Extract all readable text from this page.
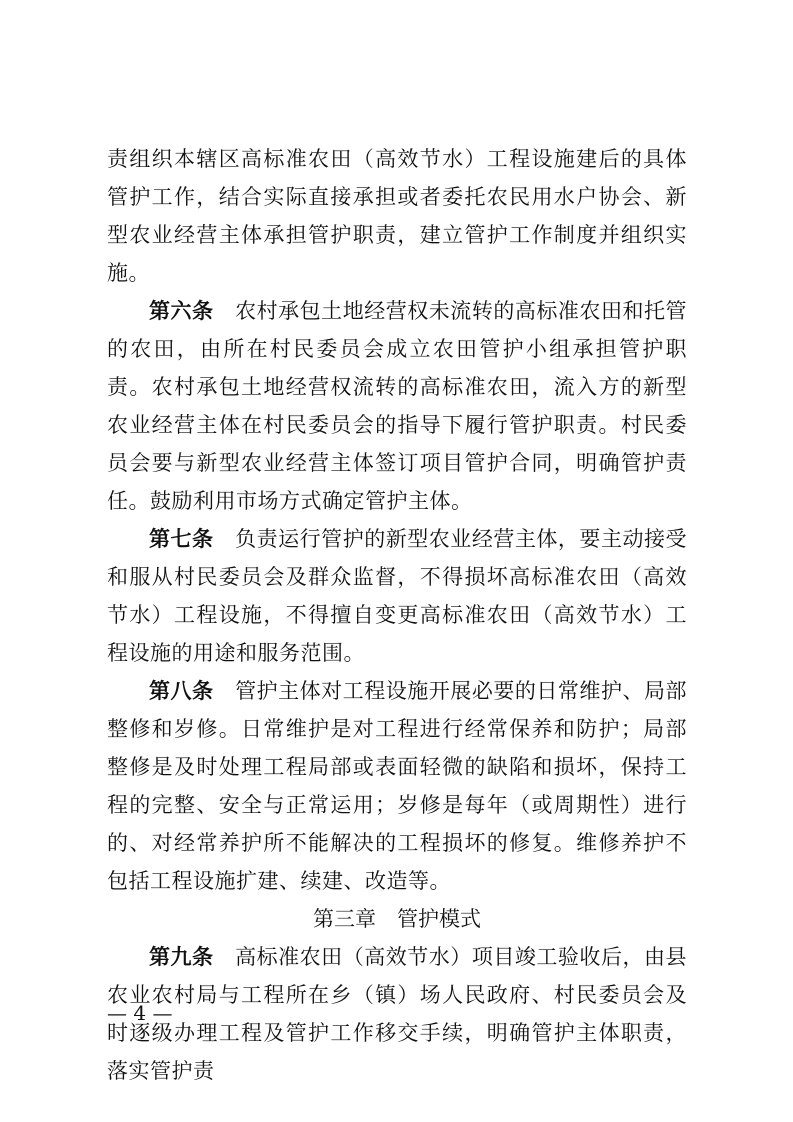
责组织本辖区高标准农田（高效节水）工程设施建后的具体管护工作，结合实际直接承担或者委托农民用水户协会、新型农业经营主体承担管护职责，建立管护工作制度并组织实施。

第六条　 农村承包土地经营权未流转的高标准农田和托管的农田，由所在村民委员会成立农田管护小组承担管护职责。农村承包土地经营权流转的高标准农田，流入方的新型农业经营主体在村民委员会的指导下履行管护职责。村民委员会要与新型农业经营主体签订项目管护合同，明确管护责任。鼓励利用市场方式确定管护主体。

第七条　 负责运行管护的新型农业经营主体，要主动接受和服从村民委员会及群众监督，不得损坏高标准农田（高效节水）工程设施，不得擅自变更高标准农田（高效节水）工程设施的用途和服务范围。

第八条　 管护主体对工程设施开展必要的日常维护、局部整修和岁修。日常维护是对工程进行经常保养和防护；局部整修是及时处理工程局部或表面轻微的缺陷和损坏，保持工程的完整、安全与正常运用；岁修是每年（或周期性）进行的、对经常养护所不能解决的工程损坏的修复。维修养护不包括工程设施扩建、续建、改造等。

第三章　管护模式

第九条　 高标准农田（高效节水）项目竣工验收后，由县农业农村局与工程所在乡（镇）场人民政府、村民委员会及时逐级办理工程及管护工作移交手续，明确管护主体职责，落实管护责

— 4 —
